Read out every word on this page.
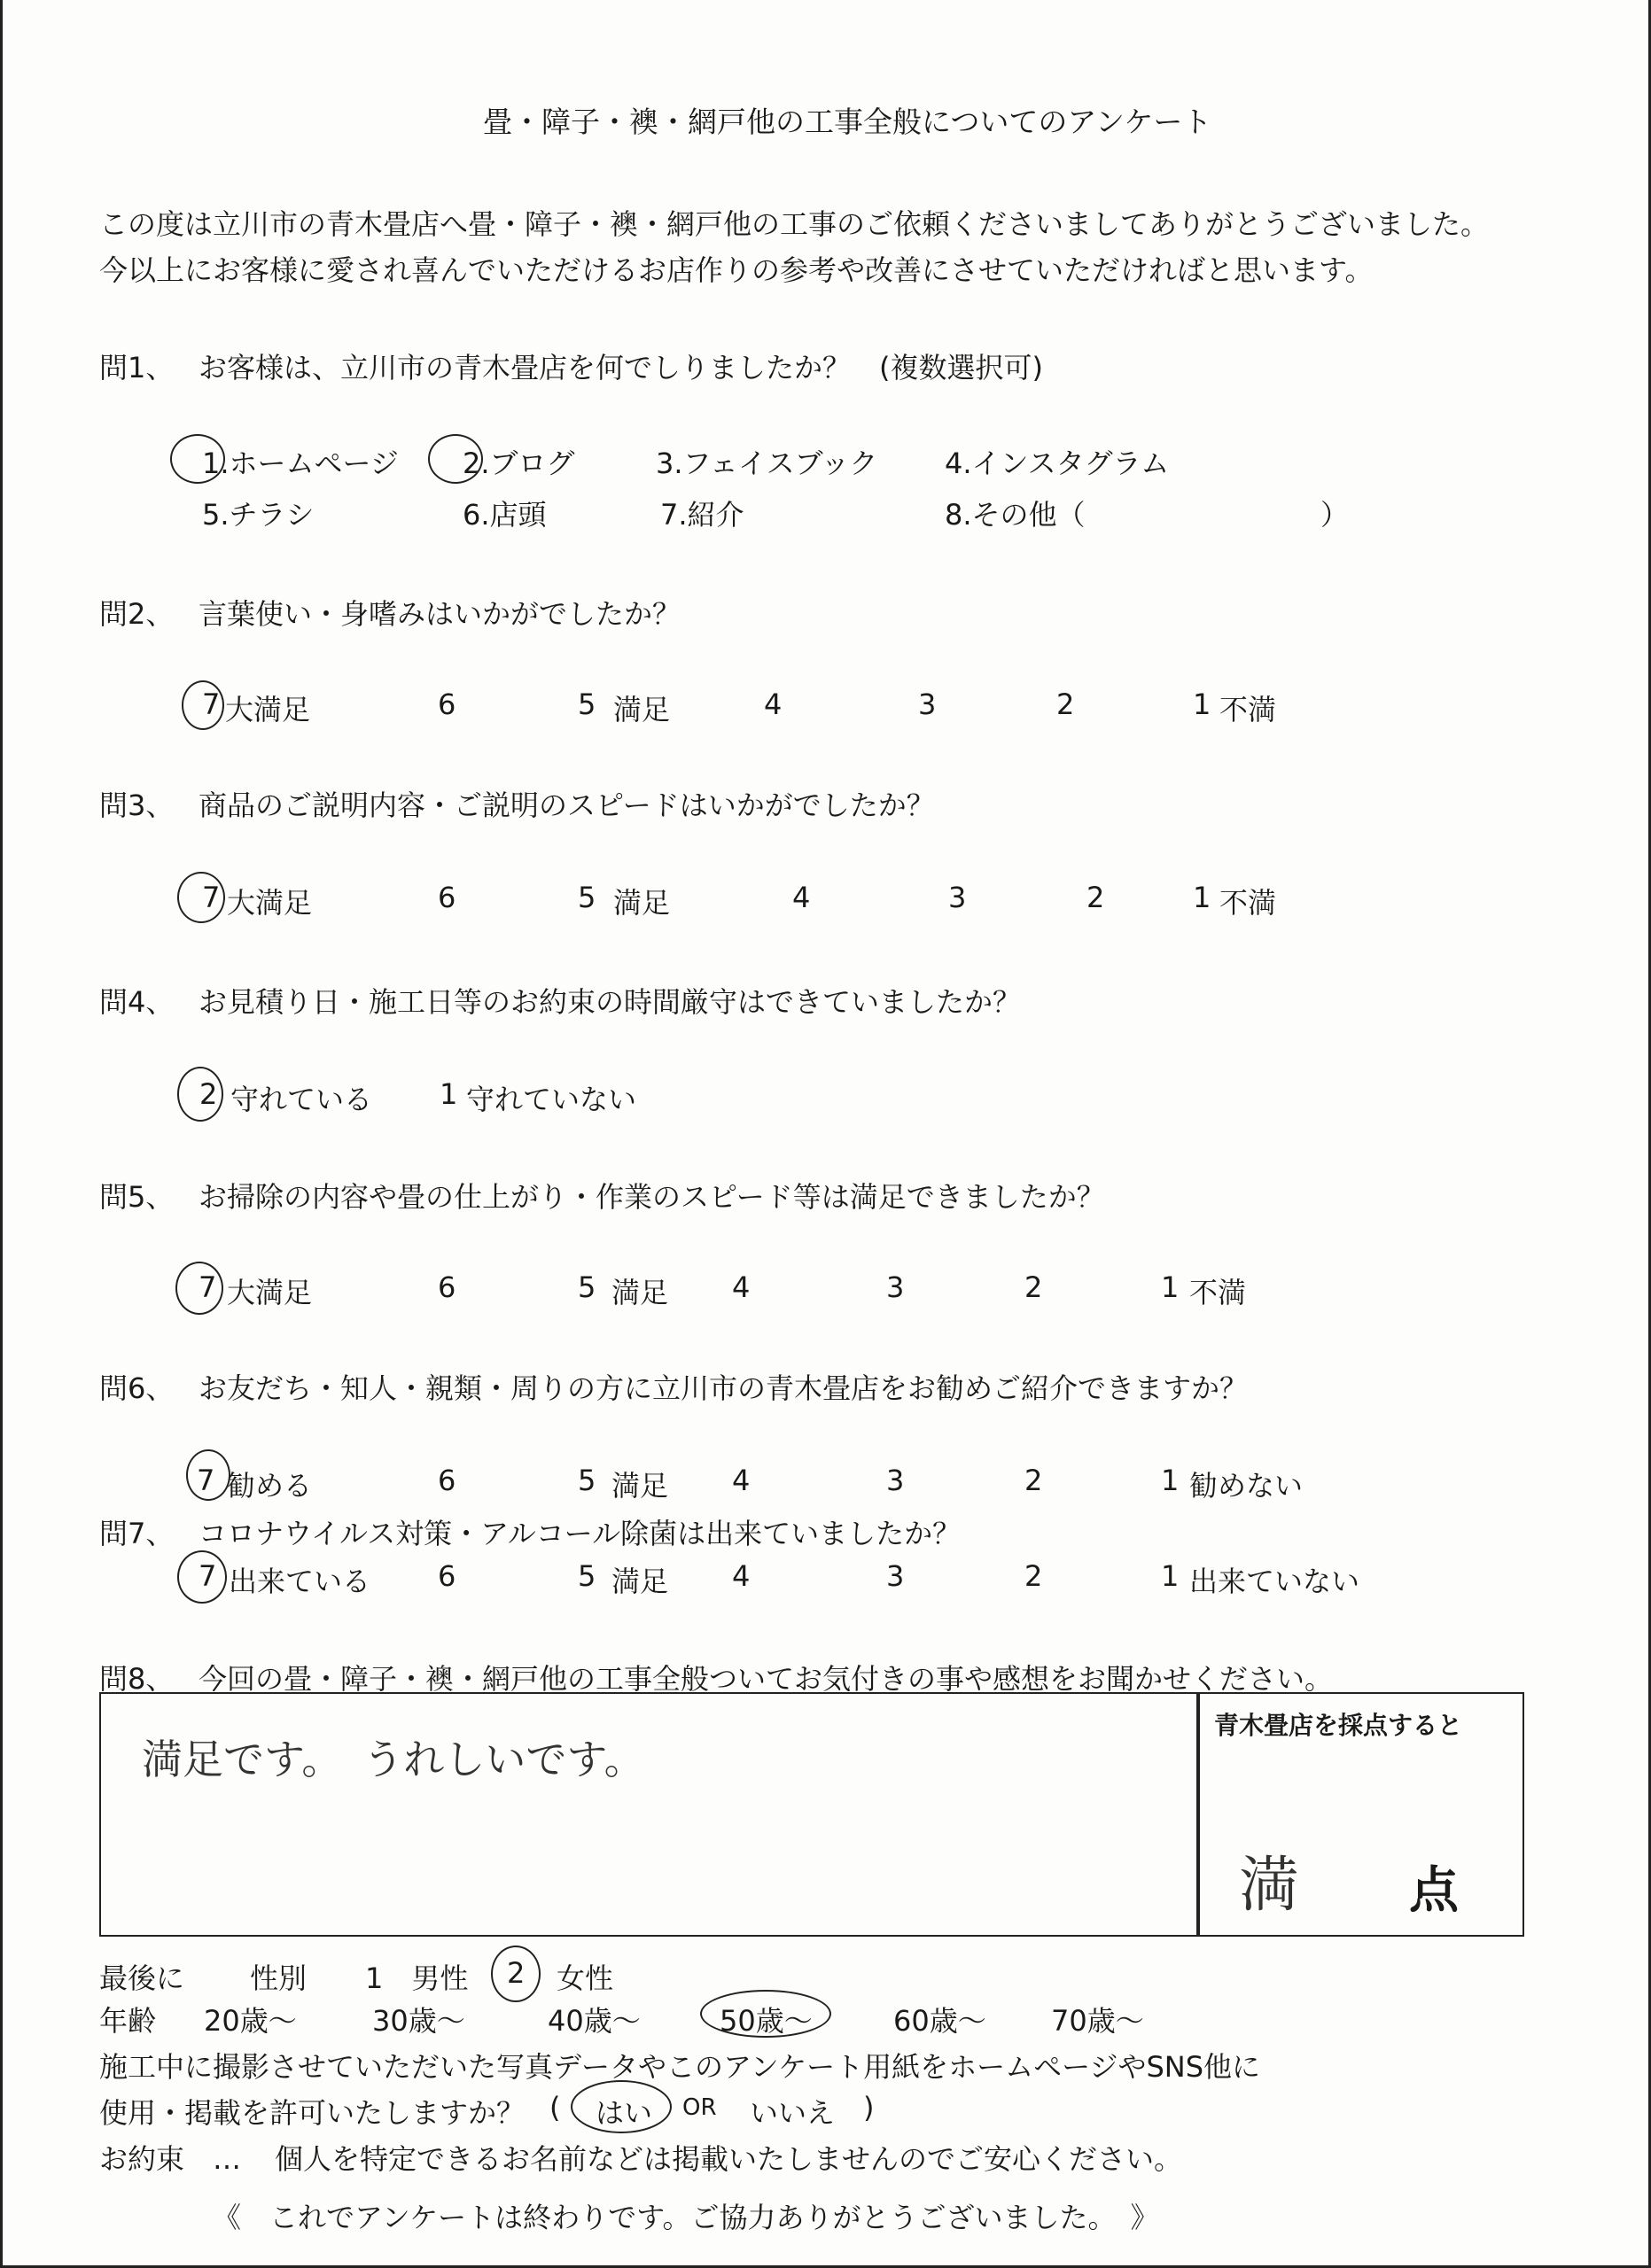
畳・障子・襖・網戸他の工事全般についてのアンケート
この度は立川市の青木畳店へ畳・障子・襖・網戸他の工事のご依頼くださいましてありがとうございました。
今以上にお客様に愛され喜んでいただけるお店作りの参考や改善にさせていただければと思います。
問1、 お客様は、立川市の青木畳店を何でしりましたか？　(複数選択可)
1.ホームページ 2.ブログ	3.フェイスブック 4.インスタグラム
5.チラシ	6.店頭	7.紹介	8.その他（	）
問2、 言葉使い・身嗜みはいかがでしたか？
7 大満足	6	5 満足	4	3	2	1 不満
問3、 商品のご説明内容・ご説明のスピードはいかがでしたか？
7 大満足	6	5 満足	4	3	2	1 不満
問4、 お見積り日・施工日等のお約束の時間厳守はできていましたか？
2 守れている 1 守れていない
問5、 お掃除の内容や畳の仕上がり・作業のスピード等は満足できましたか？
7 大満足	6	5 満足 4	3	2	1 不満
問6、 お友だち・知人・親類・周りの方に立川市の青木畳店をお勧めご紹介できますか？
7 勧める	6	5 満足 4	3	2	1 勧めない
問7、 コロナウイルス対策・アルコール除菌は出来ていましたか？
7 出来ている 6	5 満足 4	3	2	1 出来ていない
問8、 今回の畳・障子・襖・網戸他の工事全般ついてお気付きの事や感想をお聞かせください。
満足です。　うれしいです。
青木畳店を採点すると
満 点
最後に 性別 1　男性 2 女性
年齢 20歳〜	30歳〜	40歳〜	50歳〜	60歳〜 70歳〜
施工中に撮影させていただいた写真データやこのアンケート用紙をホームページやSNS他に
使用・掲載を許可いたしますか？ ( はい OR いいえ )
お約束　… 個人を特定できるお名前などは掲載いたしませんのでご安心ください。
《　これでアンケートは終わりです。ご協力ありがとうございました。　》
